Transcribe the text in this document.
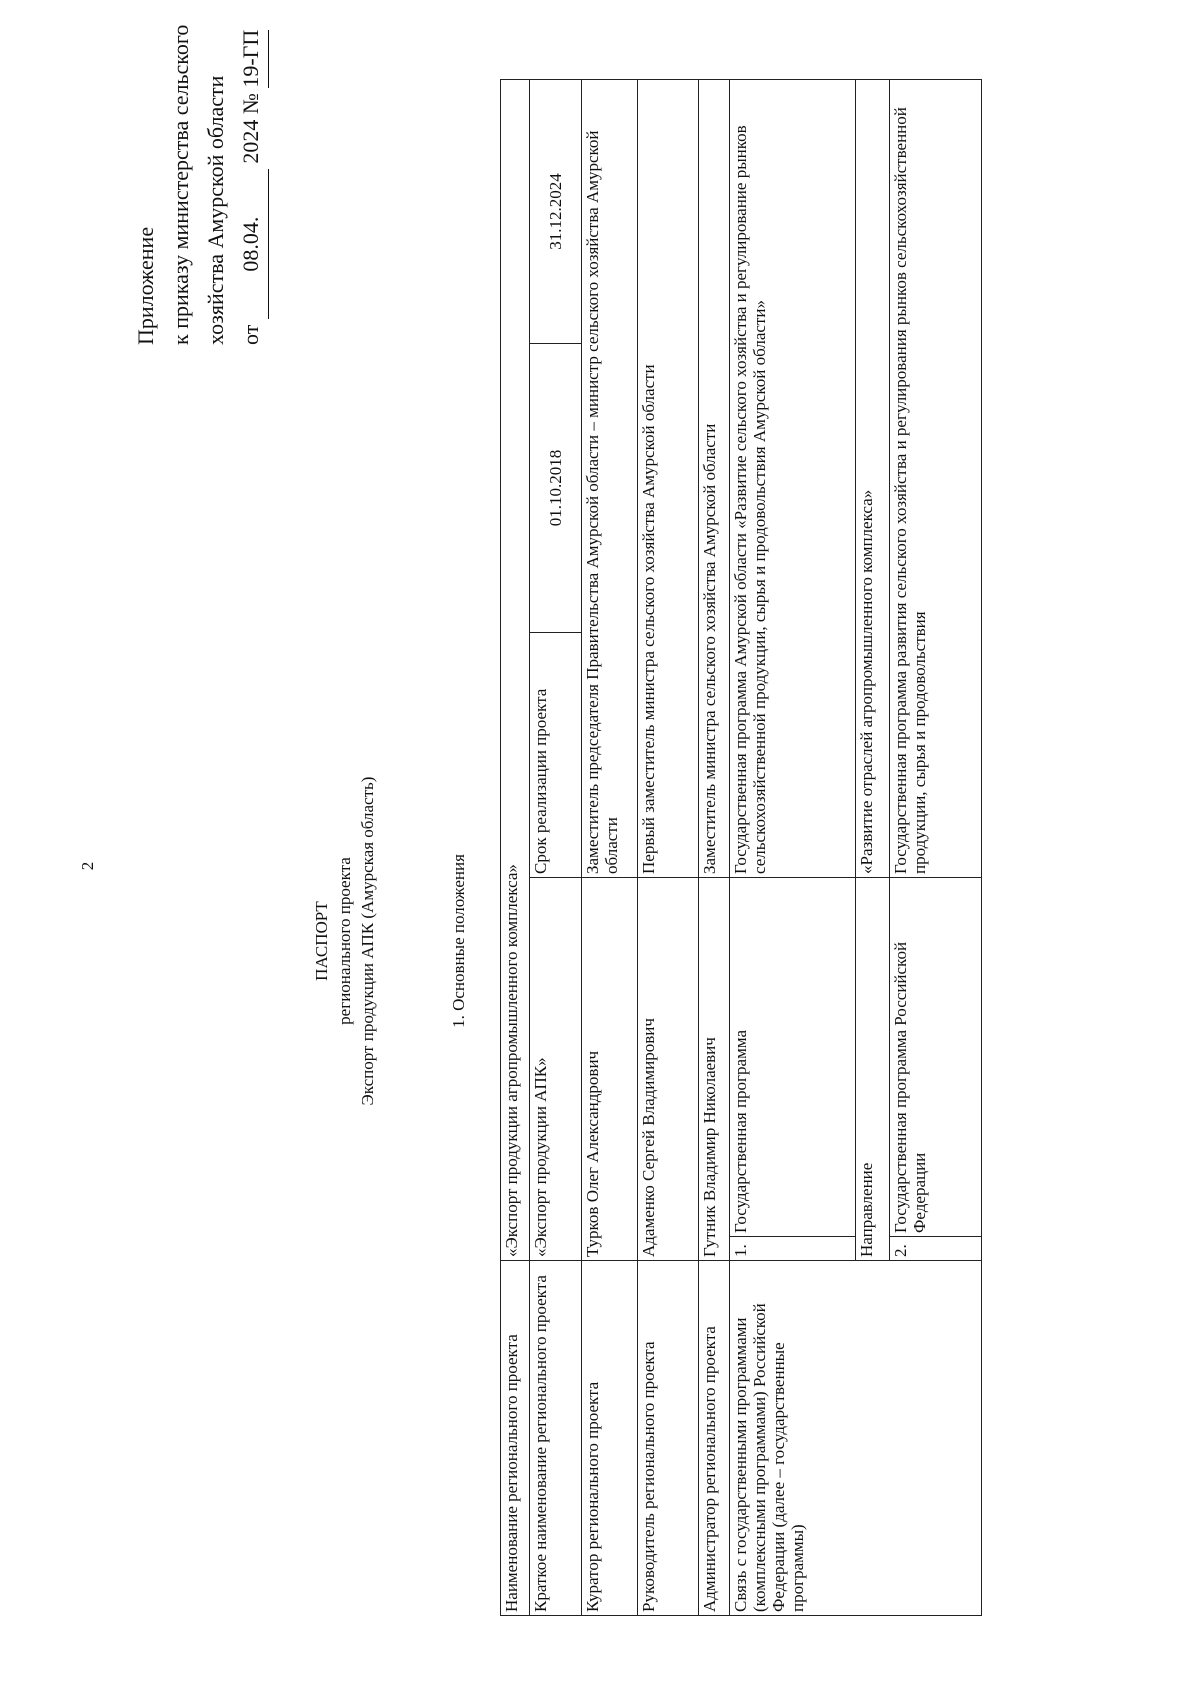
2
Приложение к приказу министерства сельского хозяйства Амурской области от 08.04. 2024 № 19-ГП
ПАСПОРТ регионального проекта Экспорт продукции АПК (Амурская область)	1. Основные положения
Наименование регионального проекта	«Экспорт продукции агропромышленного комплекса»				
Краткое наименование регионального проекта	«Экспорт продукции АПК»		Срок реализации проекта	01.10.2018	31.12.2024
Куратор регионального проекта	Турков Олег Александрович		Заместитель председателя Правительства Амурской области – министр сельского хозяйства Амурской области		
Руководитель регионального проекта	Адаменко Сергей Владимирович		Первый заместитель министра сельского хозяйства Амурской области		
Администратор регионального проекта	Гутник Владимир Николаевич		Заместитель министра сельского хозяйства Амурской области		
Связь с государственными программами (комплексными программами) Российской Федерации (далее – государственные программы)	1.	Государственная программа	Государственная программа Амурской области «Развитие сельского хозяйства и регулирование рынков сельскохозяйственной продукции, сырья и продовольствия Амурской области»		
	Направление		«Развитие отраслей агропромышленного комплекса»		
	2.	Государственная программа Российской Федерации	Государственная программа развития сельского хозяйства и регулирования рынков сельскохозяйственной продукции, сырья и продовольствия		
